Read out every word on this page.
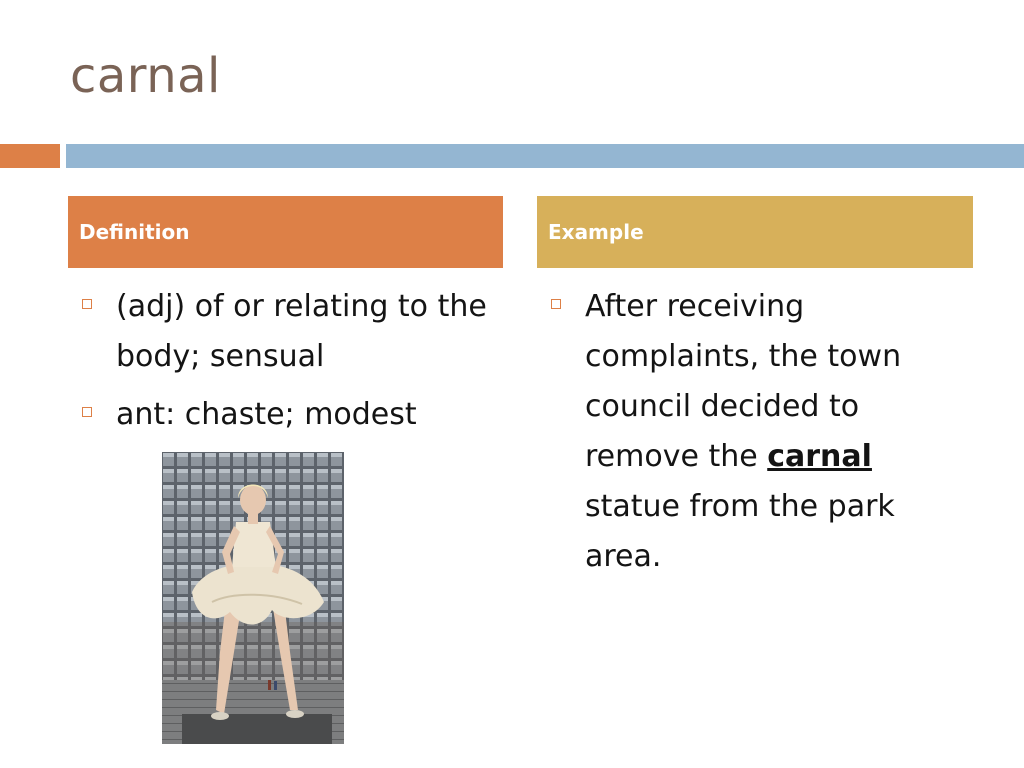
carnal
Definition	Example
(adj) of or relating to the body; sensual
ant: chaste; modest
After receiving complaints, the town council decided to remove the carnal statue from the park area.
